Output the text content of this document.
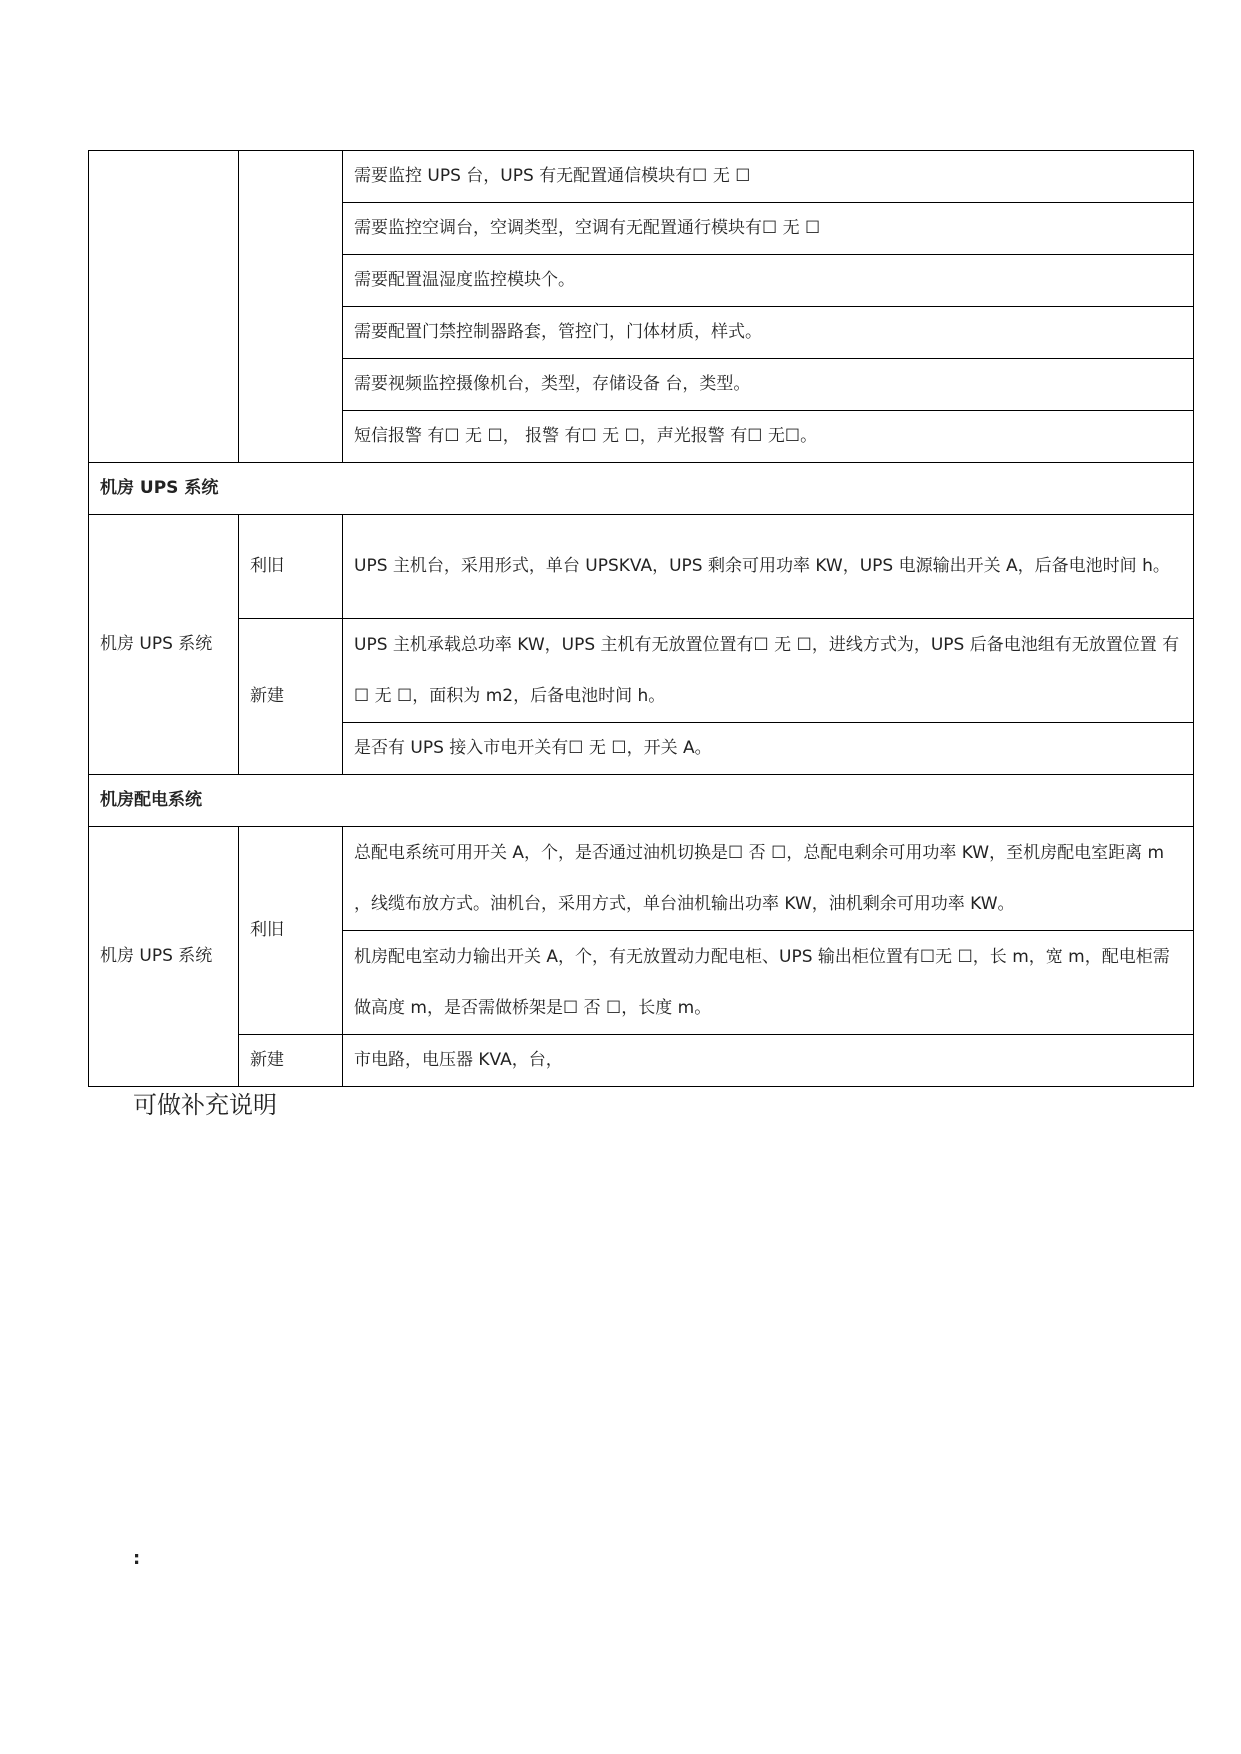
		需要监控 UPS 台，UPS 有无配置通信模块有☐ 无 ☐
		需要监控空调台，空调类型，空调有无配置通行模块有☐ 无 ☐
		需要配置温湿度监控模块个。
		需要配置门禁控制器路套，管控门，门体材质，样式。
		需要视频监控摄像机台，类型，存储设备 台，类型。
		短信报警 有☐ 无 ☐， 报警 有☐ 无 ☐，声光报警 有☐ 无☐。
机房 UPS 系统		
机房 UPS 系统	利旧	UPS 主机台，采用形式，单台 UPSKVA，UPS 剩余可用功率 KW，UPS 电源输出开关 A，后备电池时间 h。
	新建	UPS 主机承载总功率 KW，UPS 主机有无放置位置有☐ 无 ☐，进线方式为，UPS 后备电池组有无放置位置 有☐ 无 ☐，面积为 m2，后备电池时间 h。
		是否有 UPS 接入市电开关有☐ 无 ☐，开关 A。
机房配电系统		
机房 UPS 系统	利旧	总配电系统可用开关 A，个，是否通过油机切换是☐ 否 ☐，总配电剩余可用功率 KW，至机房配电室距离 m ，线缆布放方式。油机台，采用方式，单台油机输出功率 KW，油机剩余可用功率 KW。
		机房配电室动力输出开关 A，个，有无放置动力配电柜、UPS 输出柜位置有☐无 ☐，长 m，宽 m，配电柜需做高度 m，是否需做桥架是☐ 否 ☐，长度 m。
	新建	市电路，电压器 KVA，台，
可做补充说明
:
